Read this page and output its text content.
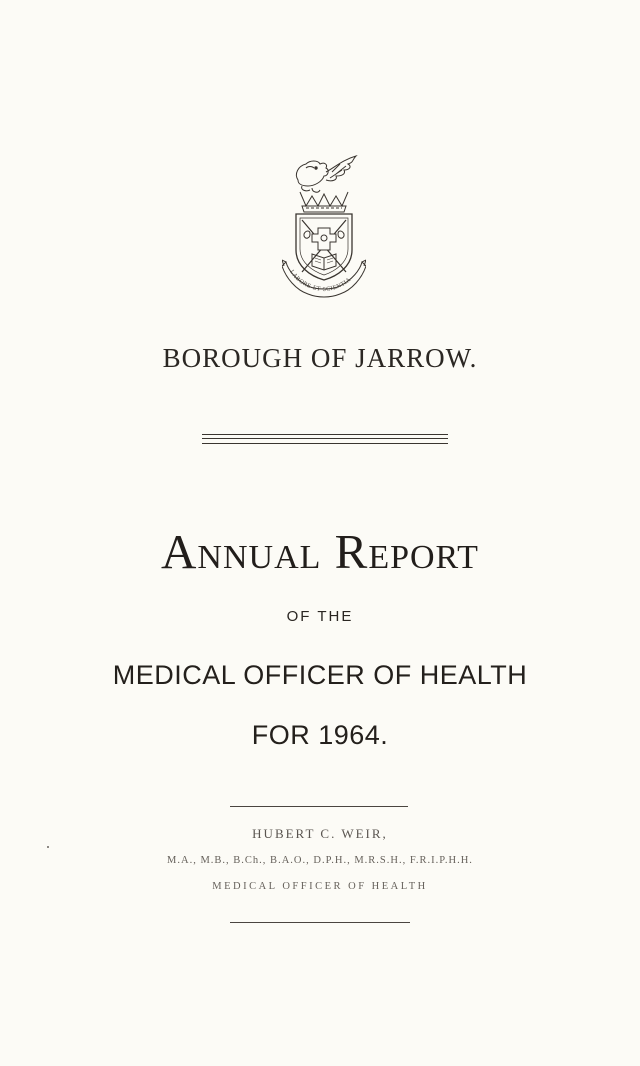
LABORE ET SCIENTIA
BOROUGH OF JARROW.
Annual Report
OF THE
MEDICAL OFFICER OF HEALTH
FOR 1964.
HUBERT C. WEIR,
M.A., M.B., B.Ch., B.A.O., D.P.H., M.R.S.H., F.R.I.P.H.H.
MEDICAL OFFICER OF HEALTH
